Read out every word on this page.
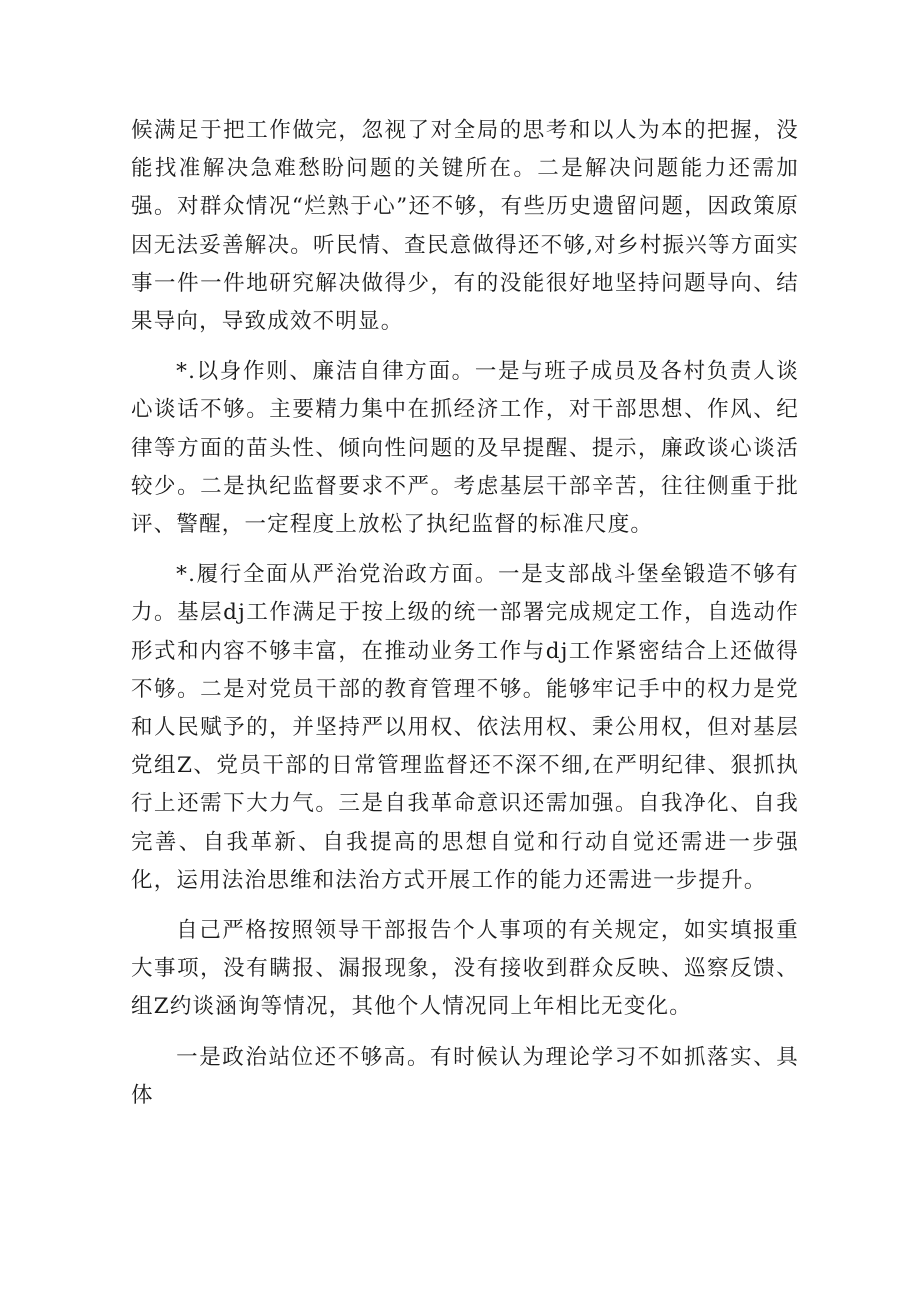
候满足于把工作做完，忽视了对全局的思考和以人为本的把握，没能找准解决急难愁盼问题的关键所在。二是解决问题能力还需加强。对群众情况“烂熟于心”还不够，有些历史遗留问题，因政策原因无法妥善解决。听民情、查民意做得还不够,对乡村振兴等方面实事一件一件地研究解决做得少，有的没能很好地坚持问题导向、结果导向，导致成效不明显。

*.以身作则、廉洁自律方面。一是与班子成员及各村负责人谈心谈话不够。主要精力集中在抓经济工作，对干部思想、作风、纪律等方面的苗头性、倾向性问题的及早提醒、提示，廉政谈心谈活较少。二是执纪监督要求不严。考虑基层干部辛苦，往往侧重于批评、警醒，一定程度上放松了执纪监督的标准尺度。

*.履行全面从严治党治政方面。一是支部战斗堡垒锻造不够有力。基层dj工作满足于按上级的统一部署完成规定工作，自选动作形式和内容不够丰富，在推动业务工作与dj工作紧密结合上还做得不够。二是对党员干部的教育管理不够。能够牢记手中的权力是党和人民赋予的，并坚持严以用权、依法用权、秉公用权，但对基层党组Z、党员干部的日常管理监督还不深不细,在严明纪律、狠抓执行上还需下大力气。三是自我革命意识还需加强。自我净化、自我完善、自我革新、自我提高的思想自觉和行动自觉还需进一步强化，运用法治思维和法治方式开展工作的能力还需进一步提升。

自己严格按照领导干部报告个人事项的有关规定，如实填报重大事项，没有瞒报、漏报现象，没有接收到群众反映、巡察反馈、组Z约谈涵询等情况，其他个人情况同上年相比无变化。

一是政治站位还不够高。有时候认为理论学习不如抓落实、具体
